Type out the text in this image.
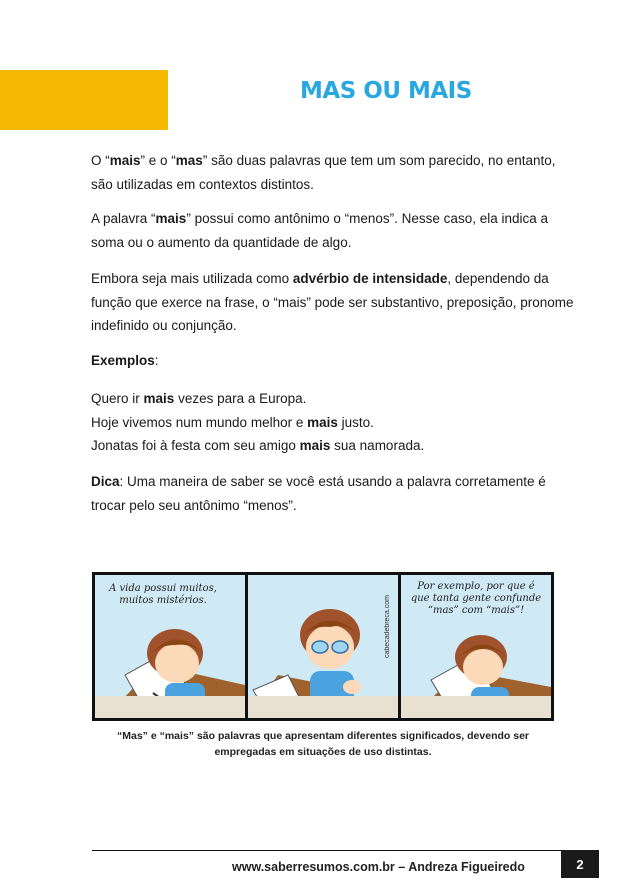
MAS OU MAIS
O “mais” e o “mas” são duas palavras que tem um som parecido, no entanto,
são utilizadas em contextos distintos.
A palavra “mais” possui como antônimo o “menos”. Nesse caso, ela indica a
soma ou o aumento da quantidade de algo.
Embora seja mais utilizada como advérbio de intensidade, dependendo da
função que exerce na frase, o “mais” pode ser substantivo, preposição, pronome
indefinido ou conjunção.
Exemplos:
Quero ir mais vezes para a Europa.
Hoje vivemos num mundo melhor e mais justo.
Jonatas foi à festa com seu amigo mais sua namorada.
Dica: Uma maneira de saber se você está usando a palavra corretamente é
trocar pelo seu antônimo “menos”.
A vida possui muitos, muitos mistérios.	cabecadebreca.com
Por exemplo, por que é que tanta gente confunde “mas” com “mais”!
“Mas” e “mais” são palavras que apresentam diferentes significados, devendo ser
empregadas em situações de uso distintas.
www.saberresumos.com.br – Andreza Figueiredo	2
